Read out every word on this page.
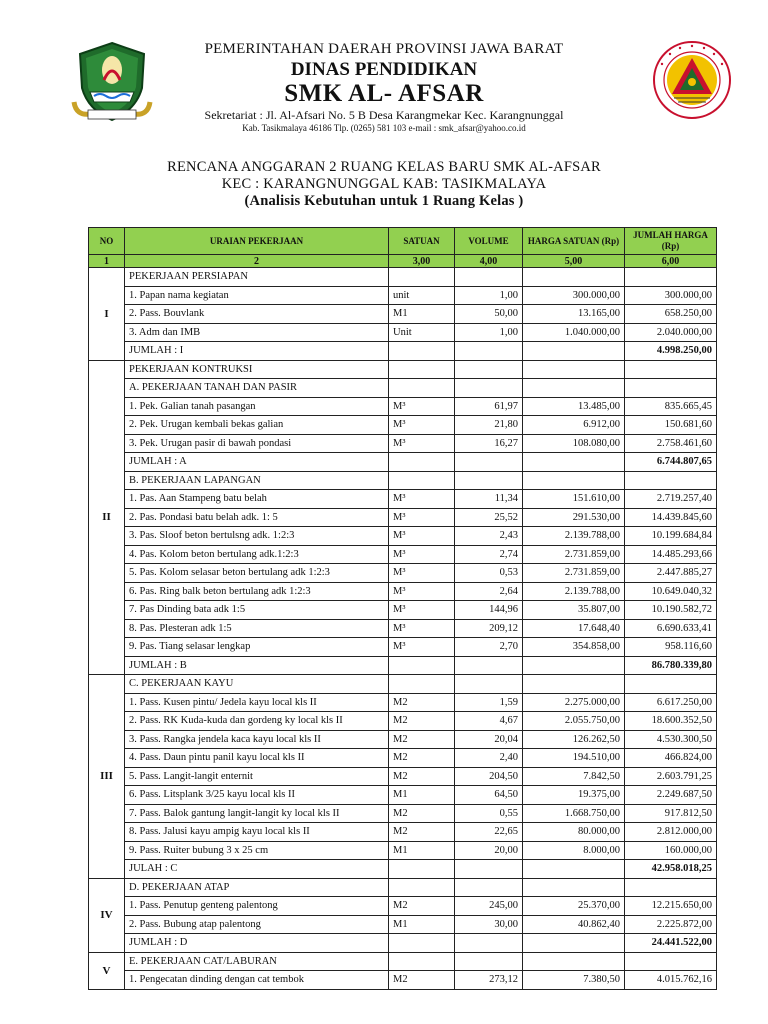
PEMERINTAHAN DAERAH PROVINSI JAWA BARAT
DINAS PENDIDIKAN
SMK AL- AFSAR
Sekretariat : Jl. Al-Afsari No. 5 B Desa Karangmekar Kec. Karangnunggal
Kab. Tasikmalaya 46186 Tlp. (0265) 581 103 e-mail : smk_afsar@yahoo.co.id
RENCANA ANGGARAN 2 RUANG KELAS BARU SMK AL-AFSAR
KEC : KARANGNUNGGAL KAB: TASIKMALAYA
(Analisis Kebutuhan untuk 1 Ruang Kelas )
NO	URAIAN PEKERJAAN	SATUAN	VOLUME	HARGA SATUAN (Rp)	JUMLAH HARGA (Rp)
1	2	3,00	4,00	5,00	6,00
I	PEKERJAAN PERSIAPAN				
	1. Papan nama kegiatan	unit	1,00	300.000,00	300.000,00
	2. Pass. Bouvlank	M1	50,00	13.165,00	658.250,00
	3. Adm dan IMB	Unit	1,00	1.040.000,00	2.040.000,00
	JUMLAH : I				4.998.250,00
II	PEKERJAAN KONTRUKSI				
	A. PEKERJAAN TANAH DAN PASIR				
	1. Pek. Galian tanah pasangan	M³	61,97	13.485,00	835.665,45
	2. Pek. Urugan kembali bekas galian	M³	21,80	6.912,00	150.681,60
	3. Pek. Urugan pasir di bawah pondasi	M³	16,27	108.080,00	2.758.461,60
	JUMLAH : A				6.744.807,65
	B. PEKERJAAN LAPANGAN				
	1. Pas. Aan Stampeng batu belah	M³	11,34	151.610,00	2.719.257,40
	2. Pas. Pondasi batu belah adk. 1: 5	M³	25,52	291.530,00	14.439.845,60
	3. Pas. Sloof beton bertulsng adk. 1:2:3	M³	2,43	2.139.788,00	10.199.684,84
	4. Pas. Kolom beton bertulang adk.1:2:3	M³	2,74	2.731.859,00	14.485.293,66
	5. Pas. Kolom selasar beton bertulang adk 1:2:3	M³	0,53	2.731.859,00	2.447.885,27
	6. Pas. Ring balk beton bertulang adk 1:2:3	M³	2,64	2.139.788,00	10.649.040,32
	7. Pas Dinding bata adk 1:5	M³	144,96	35.807,00	10.190.582,72
	8. Pas. Plesteran adk 1:5	M³	209,12	17.648,40	6.690.633,41
	9. Pas. Tiang selasar lengkap	M³	2,70	354.858,00	958.116,60
	JUMLAH : B				86.780.339,80
III	C. PEKERJAAN KAYU				
	1. Pass. Kusen pintu/ Jedela kayu local kls II	M2	1,59	2.275.000,00	6.617.250,00
	2. Pass. RK Kuda-kuda dan gordeng ky local kls II	M2	4,67	2.055.750,00	18.600.352,50
	3. Pass. Rangka jendela kaca kayu local kls II	M2	20,04	126.262,50	4.530.300,50
	4. Pass. Daun pintu panil kayu local kls II	M2	2,40	194.510,00	466.824,00
	5. Pass. Langit-langit enternit	M2	204,50	7.842,50	2.603.791,25
	6. Pass. Litsplank 3/25 kayu local kls II	M1	64,50	19.375,00	2.249.687,50
	7. Pass. Balok gantung langit-langit ky local kls II	M2	0,55	1.668.750,00	917.812,50
	8. Pass. Jalusi kayu ampig kayu local kls II	M2	22,65	80.000,00	2.812.000,00
	9. Pass. Ruiter bubung 3 x 25 cm	M1	20,00	8.000,00	160.000,00
	JULAH : C				42.958.018,25
IV	D. PEKERJAAN ATAP				
	1. Pass. Penutup genteng palentong	M2	245,00	25.370,00	12.215.650,00
	2. Pass. Bubung atap palentong	M1	30,00	40.862,40	2.225.872,00
	JUMLAH : D				24.441.522,00
V	E. PEKERJAAN CAT/LABURAN				
	1. Pengecatan dinding dengan cat tembok	M2	273,12	7.380,50	4.015.762,16
